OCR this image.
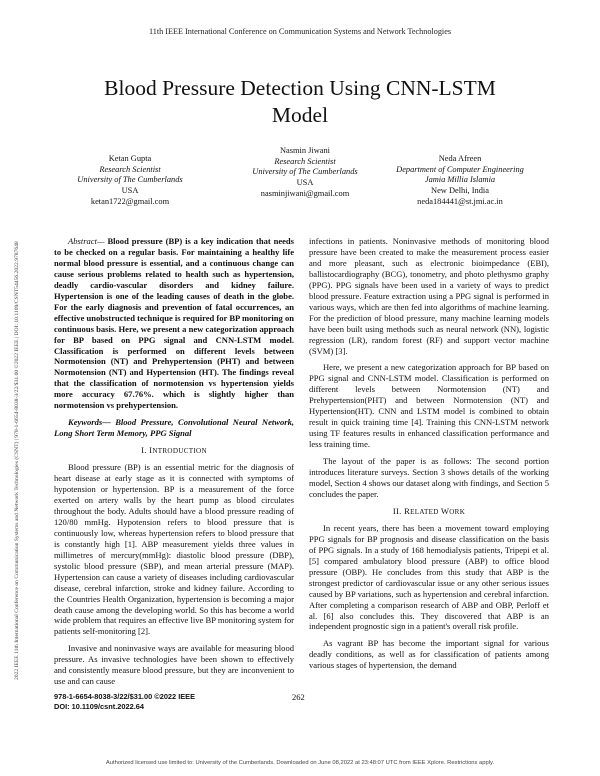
11th IEEE International Conference on Communication Systems and Network Technologies
2022 IEEE 11th International Conference on Communication Systems and Network Technologies (CSNT) | 978-1-6654-8038-3/22/$31.00 ©2022 IEEE | DOI: 10.1109/CSNT54456.2022.9787648
Blood Pressure Detection Using CNN-LSTM
Model
Ketan Gupta
Research Scientist
University of The Cumberlands
USA
ketan1722@gmail.com
Nasmin Jiwani
Research Scientist
University of The Cumberlands
USA
nasminjiwani@gmail.com
Neda Afreen
Department of Computer Engineering
Jamia Millia Islamia
New Delhi, India
neda184441@st.jmi.ac.in

Abstract— Blood pressure (BP) is a key indication that needs to be checked on a regular basis. For maintaining a healthy life normal blood pressure is essential, and a continuous change can cause serious problems related to health such as hypertension, deadly cardio-vascular disorders and kidney failure. Hypertension is one of the leading causes of death in the globe. For the early diagnosis and prevention of fatal occurrences, an effective unobstructed technique is required for BP monitoring on continuous basis. Here, we present a new categorization approach for BP based on PPG signal and CNN-LSTM model. Classification is performed on different levels between Normotension (NT) and Prehypertension (PHT) and between Normotension (NT) and Hypertension (HT). The findings reveal that the classification of normotension vs hypertension yields more accuracy 67.76%. which is slightly higher than normotension vs prehypertension.

Keywords— Blood Pressure, Convolutional Neural Network, Long Short Term Memory, PPG Signal

I. INTRODUCTION

Blood pressure (BP) is an essential metric for the diagnosis of heart disease at early stage as it is connected with symptoms of hypotension or hypertension. BP is a measurement of the force exerted on artery walls by the heart pump as blood circulates throughout the body. Adults should have a blood pressure reading of 120/80 mmHg. Hypotension refers to blood pressure that is continuously low, whereas hypertension refers to blood pressure that is constantly high [1]. ABP measurement yields three values in millimetres of mercury(mmHg): diastolic blood pressure (DBP), systolic blood pressure (SBP), and mean arterial pressure (MAP). Hypertension can cause a variety of diseases including cardiovascular disease, cerebral infarction, stroke and kidney failure. According to the Countries Health Organization, hypertension is becoming a major death cause among the developing world. So this has become a world wide problem that requires an effective live BP monitoring system for patients self-monitoring [2].

Invasive and noninvasive ways are available for measuring blood pressure. As invasive technologies have been shown to effectively and consistently measure blood pressure, but they are inconvenient to use and can cause

infections in patients. Noninvasive methods of monitoring blood pressure have been created to make the measurement process easier and more pleasant, such as electronic bioimpedance (EBI), ballistocardiography (BCG), tonometry, and photo plethysmo graphy (PPG). PPG signals have been used in a variety of ways to predict blood pressure. Feature extraction using a PPG signal is performed in various ways, which are then fed into algorithms of machine learning. For the prediction of blood pressure, many machine learning models have been built using methods such as neural network (NN), logistic regression (LR), random forest (RF) and support vector machine (SVM) [3].

Here, we present a new categorization approach for BP based on PPG signal and CNN-LSTM model. Classification is performed on different levels between Normotension (NT) and Prehypertension(PHT) and between Normotension (NT) and Hypertension(HT). CNN and LSTM model is combined to obtain result in quick training time [4]. Training this CNN-LSTM network using TF features results in enhanced classification performance and less training time.

The layout of the paper is as follows: The second portion introduces literature surveys. Section 3 shows details of the working model, Section 4 shows our dataset along with findings, and Section 5 concludes the paper.

II. RELATED WORK

In recent years, there has been a movement toward employing PPG signals for BP prognosis and disease classification on the basis of PPG signals. In a study of 168 hemodialysis patients, Tripepi et al. [5] compared ambulatory blood pressure (ABP) to office blood pressure (OBP). He concludes from this study that ABP is the strongest predictor of cardiovascular issue or any other serious issues caused by BP variations, such as hypertension and cerebral infarction. After completing a comparison research of ABP and OBP, Perloff et al. [6] also concludes this. They discovered that ABP is an independent prognostic sign in a patient's overall risk profile.

As vagrant BP has become the important signal for various deadly conditions, as well as for classification of patients among various stages of hypertension, the demand

978-1-6654-8038-3/22/$31.00 ©2022 IEEE
DOI: 10.1109/csnt.2022.64
262
Authorized licensed use limited to: University of the Cumberlands. Downloaded on June 08,2022 at 23:48:07 UTC from IEEE Xplore. Restrictions apply.
